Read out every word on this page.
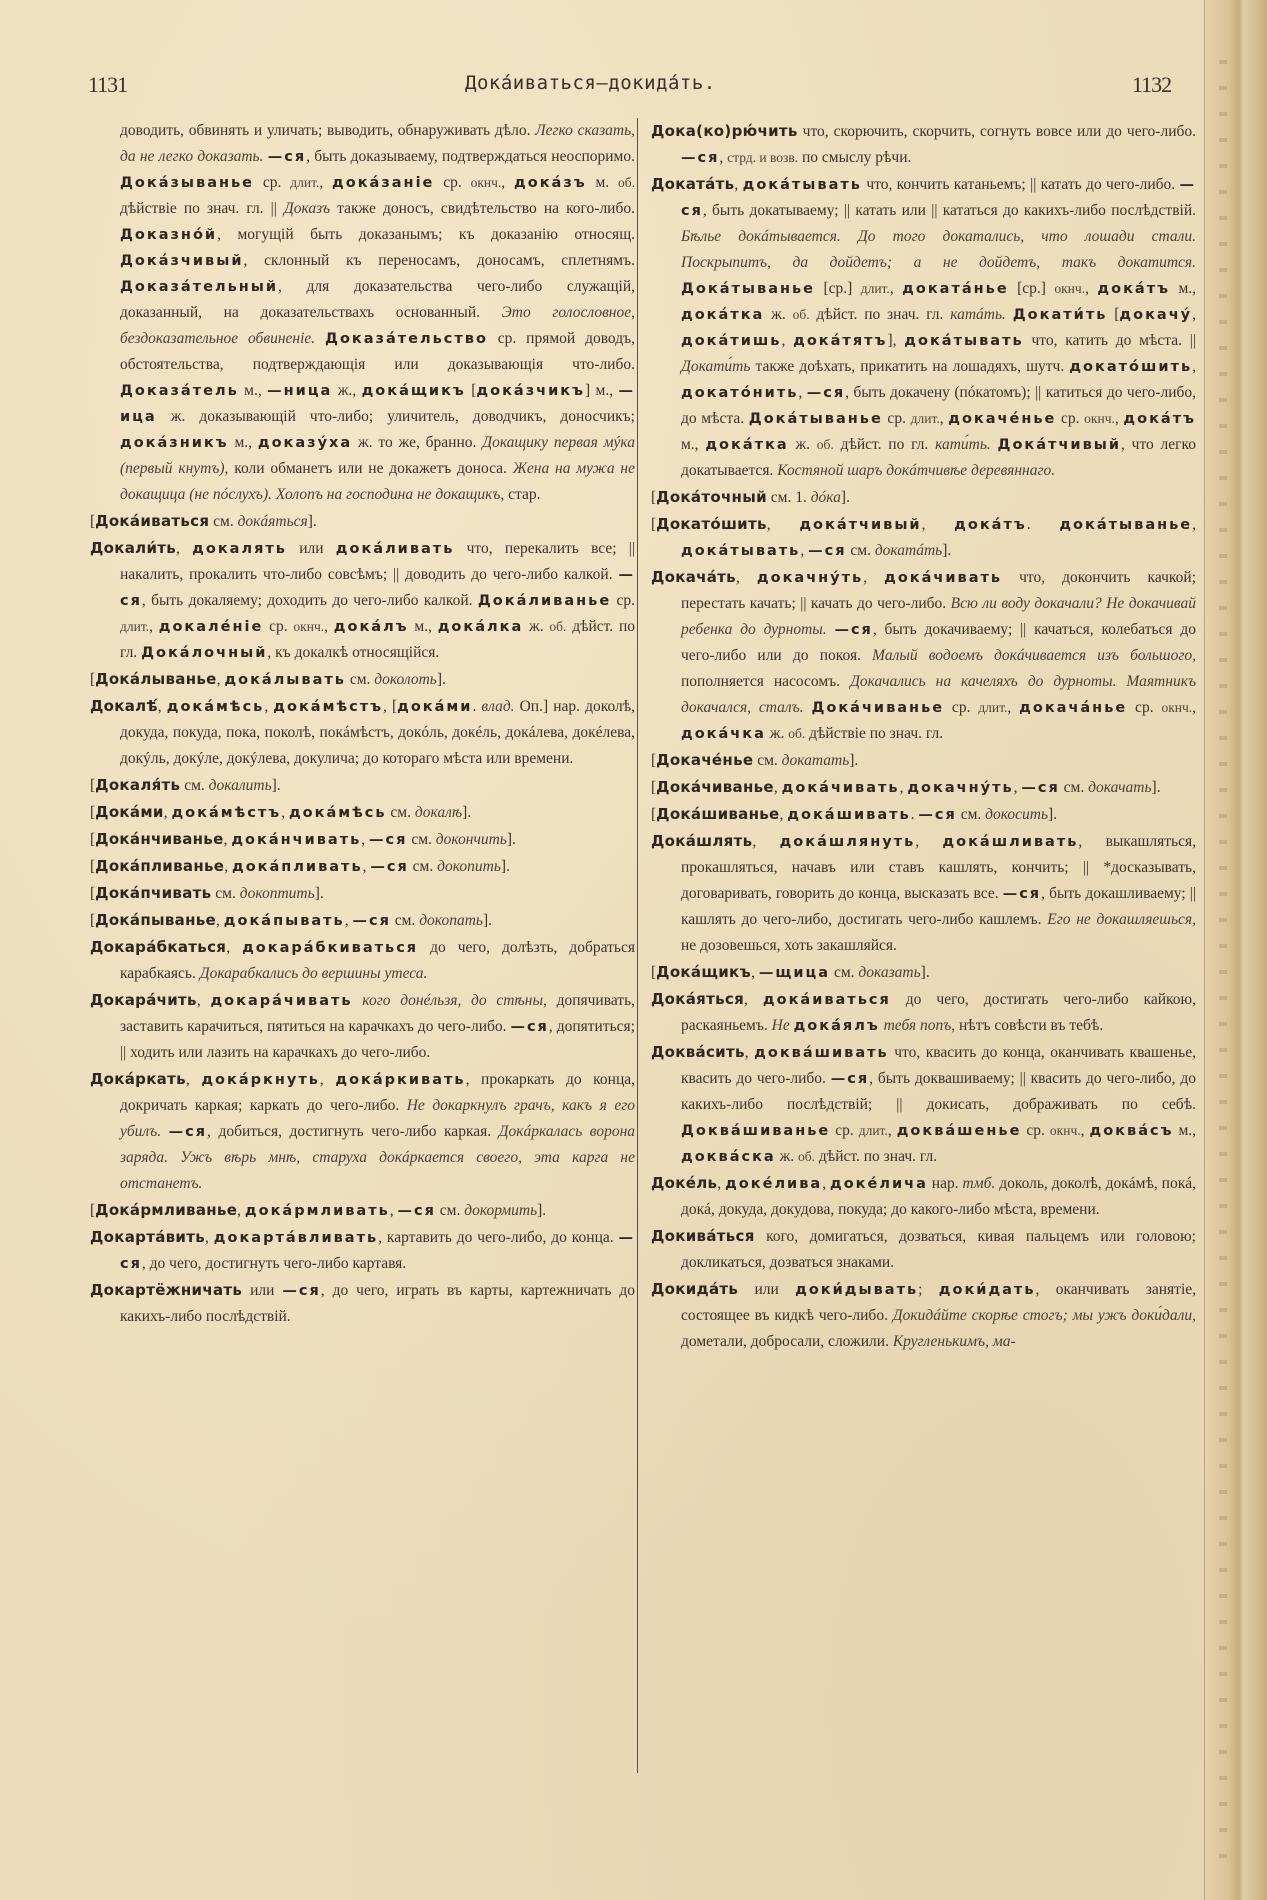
1131	Докáиваться—докидáть.	1132

доводить, обвинять и уличать; выводить, обнаруживать дѣло. Легко сказать, да не легко доказать. —ся, быть доказываему, подтверждаться неоспоримо. Докáзыванье ср. длит., докáзаніе ср. окнч., докáзъ м. об. дѣйствіе по знач. гл. || Доказъ также доносъ, свидѣтельство на кого-либо. Доказнóй, могущій быть доказанымъ; къ доказанію относящ. Докáзчивый, склонный къ переносамъ, доносамъ, сплетнямъ. Доказáтельный, для доказательства чего-либо служащій, доказанный, на доказательствахъ основанный. Это голословное, бездоказательное обвиненіе. Доказáтельство ср. прямой доводъ, обстоятельства, подтверждающія или доказывающія что-либо. Доказáтель м., —ница ж., докáщикъ [докáзчикъ] м., —ица ж. доказывающій что-либо; уличитель, доводчикъ, доносчикъ; докáзникъ м., доказýха ж. то же, бранно. Докащику первая мýка (первый кнутъ), коли обманетъ или не докажетъ доноса. Жена на мужа не докащица (не пóслухъ). Холопъ на господина не докащикъ, стар.

[Докáиваться см. докáяться].

Докали́ть, докалять или докáливать что, перекалить все; || накалить, прокалить что-либо совсѣмъ; || доводить до чего-либо калкой. —ся, быть докаляему; доходить до чего-либо калкой. Докáливанье ср. длит., докалéніе ср. окнч., докáлъ м., докáлка ж. об. дѣйст. по гл. Докáлочный, къ докалкѣ относящійся.

[Докáлыванье, докáлывать см. доколоть].

Докалѣ́, докáмѣсь, докáмѣстъ, [докáми. влад. Оп.] нар. доколѣ, докуда, покуда, пока, поколѣ, покáмѣстъ, докóль, докéль, докáлева, докéлева, докýль, докýле, докýлева, докулича; до котораго мѣста или времени.

[Докаля́ть см. докалить].

[Докáми, докáмѣстъ, докáмѣсь см. докалѣ].

[Докáнчиванье, докáнчивать, —ся см. докончить].

[Докáпливанье, докáпливать, —ся см. докопить].

[Докáпчивать см. докоптить].

[Докáпыванье, докáпывать, —ся см. докопать].

Докарáбкаться, докарáбкиваться до чего, долѣзть, добраться карабкаясь. Докарабкались до вершины утеса.

Докарáчить, докарáчивать кого донéльзя, до стѣны, допячивать, заставить карачиться, пятиться на карачкахъ до чего-либо. —ся, допятиться; || ходить или лазить на карачкахъ до чего-либо.

Докáркать, докáркнуть, докáркивать, прокаркать до конца, докричать каркая; каркать до чего-либо. Не докаркнулъ грачъ, какъ я его убилъ. —ся, добиться, достигнуть чего-либо каркая. Докáркалась ворона заряда. Ужъ вѣрь мнѣ, старуха докáркается своего, эта карга не отстанетъ.

[Докáрмливанье, докáрмливать, —ся см. докормить].

Докартáвить, докартáвливать, картавить до чего-либо, до конца. —ся, до чего, достигнуть чего-либо картавя.

Докартёжничать или —ся, до чего, играть въ карты, картежничать до какихъ-либо послѣдствій.

Дока(ко)рю́чить что, скорючить, скорчить, согнуть вовсе или до чего-либо. —ся, стрд. и возв. по смыслу рѣчи.

Докатáть, докáтывать что, кончить катаньемъ; || катать до чего-либо. —ся, быть докатываему; || катать или || кататься до какихъ-либо послѣдствій. Бѣлье докáтывается. До того докатались, что лошади стали. Поскрыпитъ, да дойдетъ; а не дойдетъ, такъ докатится. Докáтыванье [ср.] длит., докатáнье [ср.] окнч., докáтъ м., докáтка ж. об. дѣйст. по знач. гл. катáть. Докати́ть [докачý, докáтишь, докáтятъ], докáтывать что, катить до мѣста. || Докати́ть также доѣхать, прикатить на лошадяхъ, шутч. докатóшить, докатóнить, —ся, быть докачену (пóкатомъ); || катиться до чего-либо, до мѣста. Докáтыванье ср. длит., докачéнье ср. окнч., докáтъ м., докáтка ж. об. дѣйст. по гл. кати́ть. Докáтчивый, что легко докатывается. Костяной шаръ докáтчивѣе деревяннаго.

[Докáточный см. 1. дóка].

[Докатóшить, докáтчивый, докáтъ. докáтыванье, докáтывать, —ся см. докатáть].

Докачáть, докачнýть, докáчивать что, докончить качкой; перестать качать; || качать до чего-либо. Всю ли воду докачали? Не докачивай ребенка до дурноты. —ся, быть докачиваему; || качаться, колебаться до чего-либо или до покоя. Малый водоемъ докáчивается изъ большого, пополняется насосомъ. Докачались на качеляхъ до дурноты. Маятникъ докачался, сталъ. Докáчиванье ср. длит., докачáнье ср. окнч., докáчка ж. об. дѣйствіе по знач. гл.

[Докачéнье см. докатать].

[Докáчиванье, докáчивать, докачнýть, —ся см. докачать].

[Докáшиванье, докáшивать. —ся см. докосить].

Докáшлять, докáшлянуть, докáшливать, выкашляться, прокашляться, начавъ или ставъ кашлять, кончить; || *досказывать, договаривать, говорить до конца, высказать все. —ся, быть докашливаему; || кашлять до чего-либо, достигать чего-либо кашлемъ. Его не докашляешься, не дозовешься, хоть закашляйся.

[Докáщикъ, —щица см. доказать].

Докáяться, докáиваться до чего, достигать чего-либо кайкою, раскаяньемъ. Не докáялъ тебя попъ, нѣтъ совѣсти въ тебѣ.

Доквáсить, доквáшивать что, квасить до конца, оканчивать квашенье, квасить до чего-либо. —ся, быть доквашиваему; || квасить до чего-либо, до какихъ-либо послѣдствій; || докисать, дображивать по себѣ. Доквáшиванье ср. длит., доквáшенье ср. окнч., доквáсъ м., доквáска ж. об. дѣйст. по знач. гл.

Докéль, докéлива, докéлича нар. тмб. доколь, доколѣ, докáмѣ, покá, докá, докуда, докудова, покуда; до какого-либо мѣста, времени.

Докивáться кого, домигаться, дозваться, кивая пальцемъ или головою; докликаться, дозваться знаками.

Докидáть или доки́дывать; доки́дать, оканчивать занятіе, состоящее въ кидкѣ чего-либо. Докидáйте скорѣе стогъ; мы ужъ доки́дали, дометали, добросали, сложили. Кругленькимъ, ма-
